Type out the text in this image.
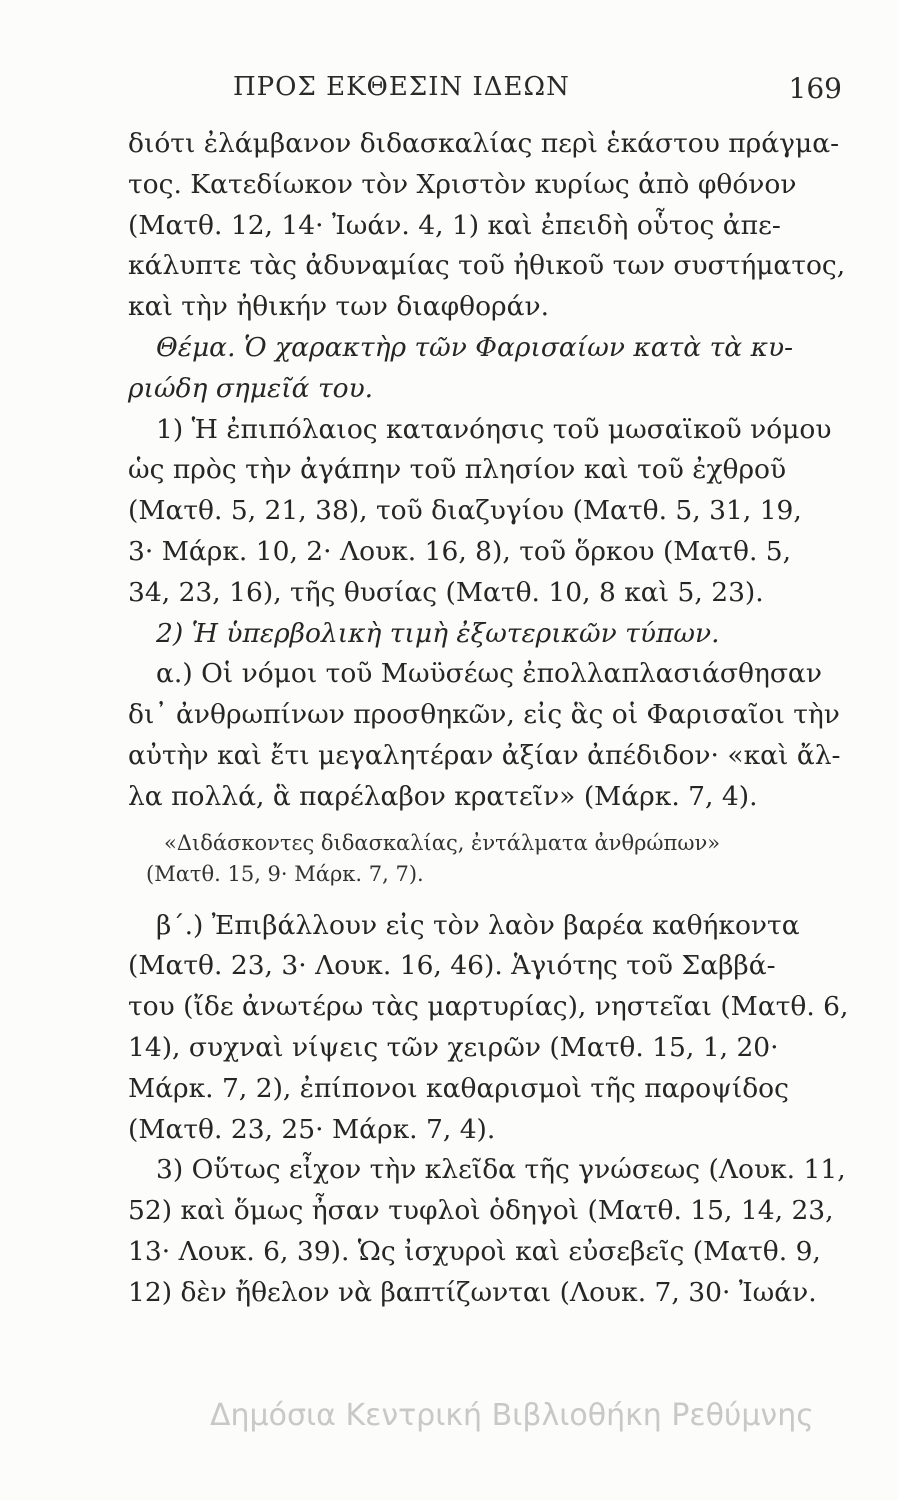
ΠΡΟΣ ΕΚΘΕΣΙΝ ΙΔΕΩΝ	169
διότι ἐλάμβανον διδασκαλίας περὶ ἑκάστου πράγμα-
τος. Κατεδίωκον τὸν Χριστὸν κυρίως ἀπὸ φθόνον
(Ματθ. 12, 14· Ἰωάν. 4, 1) καὶ ἐπειδὴ οὗτος ἀπε-
κάλυπτε τὰς ἀδυναμίας τοῦ ἠθικοῦ των συστήματος,
καὶ τὴν ἠθικήν των διαφθοράν.
Θέμα. Ὁ χαρακτὴρ τῶν Φαρισαίων κατὰ τὰ κυ-
ριώδη σημεῖά του.
1) Ἡ ἐπιπόλαιος κατανόησις τοῦ μωσαϊκοῦ νόμου
ὡς πρὸς τὴν ἀγάπην τοῦ πλησίον καὶ τοῦ ἐχθροῦ
(Ματθ. 5, 21, 38), τοῦ διαζυγίου (Ματθ. 5, 31, 19,
3· Μάρκ. 10, 2· Λουκ. 16, 8), τοῦ ὅρκου (Ματθ. 5,
34, 23, 16), τῆς θυσίας (Ματθ. 10, 8 καὶ 5, 23).
2) Ἡ ὑπερβολικὴ τιμὴ ἐξωτερικῶν τύπων.
α.) Οἱ νόμοι τοῦ Μωϋσέως ἐπολλαπλασιάσθησαν
δι᾽ ἀνθρωπίνων προσθηκῶν, εἰς ἃς οἱ Φαρισαῖοι τὴν
αὐτὴν καὶ ἔτι μεγαλητέραν ἀξίαν ἀπέδιδον· «καὶ ἄλ-
λα πολλά, ἃ παρέλαβον κρατεῖν» (Μάρκ. 7, 4).
«Διδάσκοντες διδασκαλίας, ἐντάλματα ἀνθρώπων»
(Ματθ. 15, 9· Μάρκ. 7, 7).
β΄.) Ἐπιβάλλουν εἰς τὸν λαὸν βαρέα καθήκοντα
(Ματθ. 23, 3· Λουκ. 16, 46). Ἁγιότης τοῦ Σαββά-
του (ἴδε ἀνωτέρω τὰς μαρτυρίας), νηστεῖαι (Ματθ. 6,
14), συχναὶ νίψεις τῶν χειρῶν (Ματθ. 15, 1, 20·
Μάρκ. 7, 2), ἐπίπονοι καθαρισμοὶ τῆς παροψίδος
(Ματθ. 23, 25· Μάρκ. 7, 4).
3) Οὕτως εἶχον τὴν κλεῖδα τῆς γνώσεως (Λουκ. 11,
52) καὶ ὅμως ἦσαν τυφλοὶ ὁδηγοὶ (Ματθ. 15, 14, 23,
13· Λουκ. 6, 39). Ὡς ἰσχυροὶ καὶ εὐσεβεῖς (Ματθ. 9,
12) δὲν ἤθελον νὰ βαπτίζωνται (Λουκ. 7, 30· Ἰωάν.
Δημόσια Κεντρική Βιβλιοθήκη Ρεθύμνης
